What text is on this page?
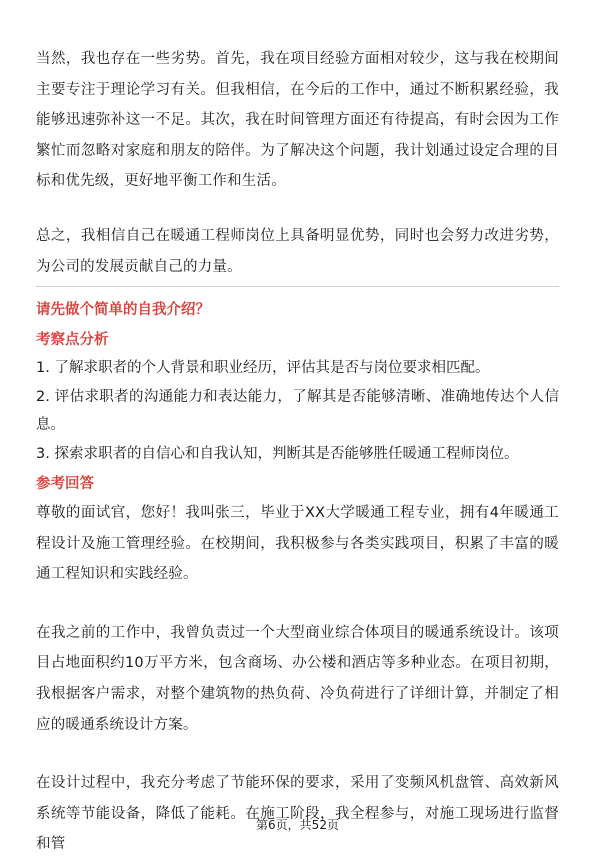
当然，我也存在一些劣势。首先，我在项目经验方面相对较少，这与我在校期间主要专注于理论学习有关。但我相信，在今后的工作中，通过不断积累经验，我能够迅速弥补这一不足。其次，我在时间管理方面还有待提高，有时会因为工作繁忙而忽略对家庭和朋友的陪伴。为了解决这个问题，我计划通过设定合理的目标和优先级，更好地平衡工作和生活。

总之，我相信自己在暖通工程师岗位上具备明显优势，同时也会努力改进劣势，为公司的发展贡献自己的力量。

请先做个简单的自我介绍？

考察点分析

1. 了解求职者的个人背景和职业经历，评估其是否与岗位要求相匹配。

2. 评估求职者的沟通能力和表达能力，了解其是否能够清晰、准确地传达个人信息。

3. 探索求职者的自信心和自我认知，判断其是否能够胜任暖通工程师岗位。

参考回答

尊敬的面试官，您好！我叫张三，毕业于XX大学暖通工程专业，拥有4年暖通工程设计及施工管理经验。在校期间，我积极参与各类实践项目，积累了丰富的暖通工程知识和实践经验。

在我之前的工作中，我曾负责过一个大型商业综合体项目的暖通系统设计。该项目占地面积约10万平方米，包含商场、办公楼和酒店等多种业态。在项目初期，我根据客户需求，对整个建筑物的热负荷、冷负荷进行了详细计算，并制定了相应的暖通系统设计方案。

在设计过程中，我充分考虑了节能环保的要求，采用了变频风机盘管、高效新风系统等节能设备，降低了能耗。在施工阶段，我全程参与，对施工现场进行监督和管

第6页，共52页
